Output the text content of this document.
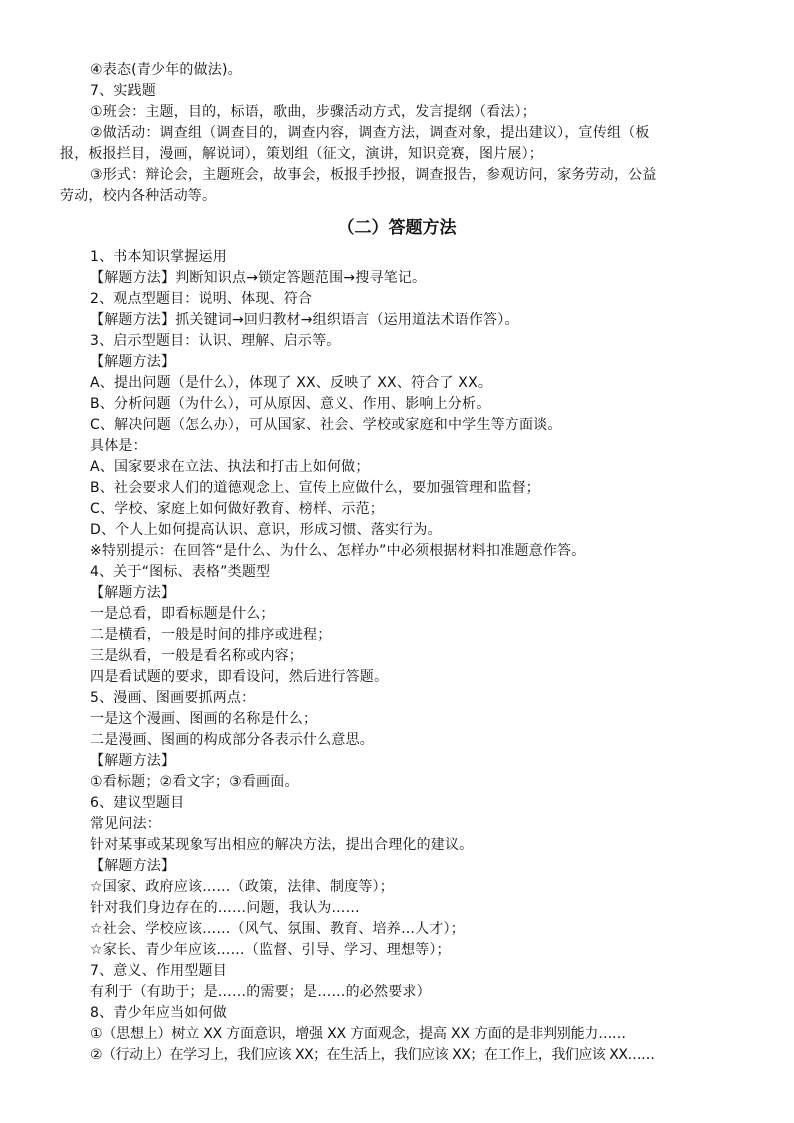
④表态(青少年的做法)。
7、实践题
①班会：主题，目的，标语，歌曲，步骤活动方式，发言提纲（看法）；
②做活动：调查组（调查目的，调查内容，调查方法，调查对象，提出建议），宣传组（板
报，板报拦目，漫画，解说词），策划组（征文，演讲，知识竞赛，图片展）；
③形式：辩论会，主题班会，故事会，板报手抄报，调查报告，参观访问，家务劳动，公益
劳动，校内各种活动等。
（二）答题方法
1、书本知识掌握运用
【解题方法】判断知识点→锁定答题范围→搜寻笔记。
2、观点型题目：说明、体现、符合
【解题方法】抓关键词→回归教材→组织语言（运用道法术语作答）。
3、启示型题目：认识、理解、启示等。
【解题方法】
A、提出问题（是什么），体现了 XX、反映了 XX、符合了 XX。
B、分析问题（为什么），可从原因、意义、作用、影响上分析。
C、解决问题（怎么办），可从国家、社会、学校或家庭和中学生等方面谈。
具体是：
A、国家要求在立法、执法和打击上如何做；
B、社会要求人们的道德观念上、宣传上应做什么，要加强管理和监督；
C、学校、家庭上如何做好教育、榜样、示范；
D、个人上如何提高认识、意识，形成习惯、落实行为。
※特别提示：在回答“是什么、为什么、怎样办”中必须根据材料扣准题意作答。
4、关于“图标、表格”类题型
【解题方法】
一是总看，即看标题是什么；
二是横看，一般是时间的排序或进程；
三是纵看，一般是看名称或内容；
四是看试题的要求，即看设问，然后进行答题。
5、漫画、图画要抓两点：
一是这个漫画、图画的名称是什么；
二是漫画、图画的构成部分各表示什么意思。
【解题方法】
①看标题；②看文字；③看画面。
6、建议型题目
常见问法：
针对某事或某现象写出相应的解决方法，提出合理化的建议。
【解题方法】
☆国家、政府应该……（政策，法律、制度等）；
针对我们身边存在的……问题，我认为……
☆社会、学校应该……（风气、氛围、教育、培养…人才）；
☆家长、青少年应该……（监督、引导、学习、理想等）；
7、意义、作用型题目
有利于（有助于；是……的需要；是……的必然要求）
8、青少年应当如何做
①（思想上）树立 XX 方面意识，增强 XX 方面观念，提高 XX 方面的是非判别能力……
②（行动上）在学习上，我们应该 XX；在生活上，我们应该 XX；在工作上，我们应该 XX……
